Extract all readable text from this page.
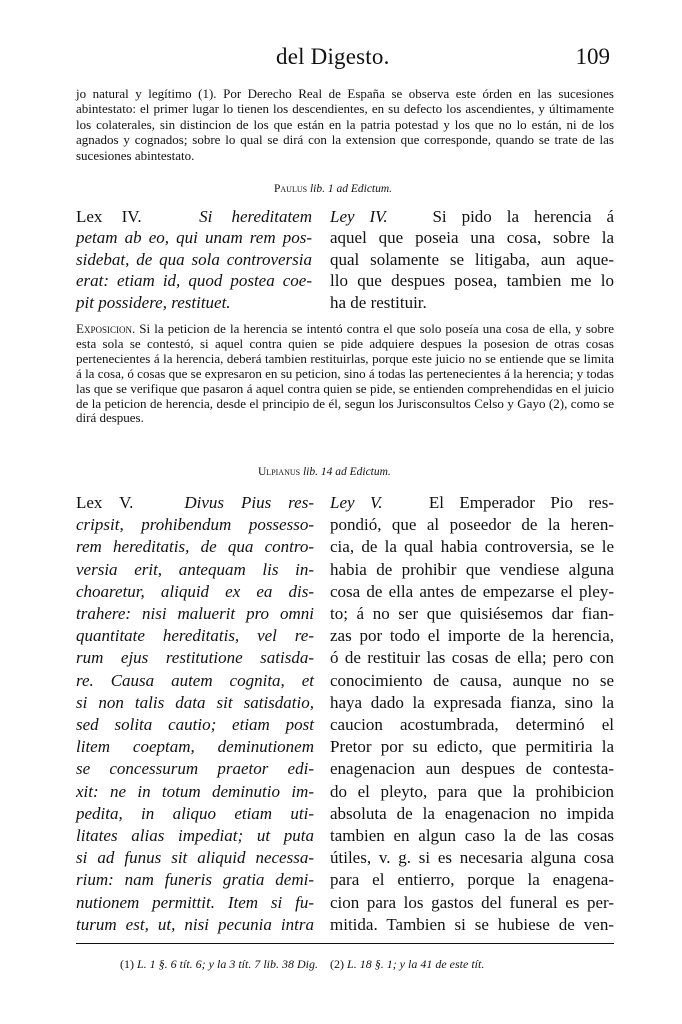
del Digesto.	109
jo natural y legítimo (1). Por Derecho Real de España se observa este órden en las sucesiones abintestato: el primer lugar lo tienen los descendientes, en su defecto los ascendientes, y últimamente los colaterales, sin distincion de los que están en la patria potestad y los que no lo están, ni de los agnados y cognados; sobre lo qual se dirá con la extension que corresponde, quando se trate de las sucesiones abintestato.
Paulus lib. 1 ad Edictum.
Lex IV.	Si hereditatem
petam ab eo, qui unam rem pos-
sidebat, de qua sola controversia
erat: etiam id, quod postea coe-
pit possidere, restituet.
Ley IV.	Si pido la herencia á
aquel que poseia una cosa, sobre la
qual solamente se litigaba, aun aque-
llo que despues posea, tambien me lo
ha de restituir.
Exposicion. Si la peticion de la herencia se intentó contra el que solo poseía una cosa de ella, y sobre esta sola se contestó, si aquel contra quien se pide adquiere despues la posesion de otras cosas pertenecientes á la herencia, deberá tambien restituirlas, porque este juicio no se entiende que se limita á la cosa, ó cosas que se expresaron en su peticion, sino á todas las pertenecientes á la herencia; y todas las que se verifique que pasaron á aquel contra quien se pide, se entienden comprehendidas en el juicio de la peticion de herencia, desde el principio de él, segun los Jurisconsultos Celso y Gayo (2), como se dirá despues.
Ulpianus lib. 14 ad Edictum.
Lex V.	Divus Pius res-
cripsit, prohibendum possesso-
rem hereditatis, de qua contro-
versia erit, antequam lis in-
choaretur, aliquid ex ea dis-
trahere: nisi maluerit pro omni
quantitate hereditatis, vel re-
rum ejus restitutione satisda-
re. Causa autem cognita, et
si non talis data sit satisdatio,
sed solita cautio; etiam post
litem coeptam, deminutionem
se concessurum praetor edi-
xit: ne in totum deminutio im-
pedita, in aliquo etiam uti-
litates alias impediat; ut puta
si ad funus sit aliquid necessa-
rium: nam funeris gratia demi-
nutionem permittit. Item si fu-
turum est, ut, nisi pecunia intra
Ley V.	El Emperador Pio res-
pondió, que al poseedor de la heren-
cia, de la qual habia controversia, se le
habia de prohibir que vendiese alguna
cosa de ella antes de empezarse el pley-
to; á no ser que quisiésemos dar fian-
zas por todo el importe de la herencia,
ó de restituir las cosas de ella; pero con
conocimiento de causa, aunque no se
haya dado la expresada fianza, sino la
caucion acostumbrada, determinó el
Pretor por su edicto, que permitiria la
enagenacion aun despues de contesta-
do el pleyto, para que la prohibicion
absoluta de la enagenacion no impida
tambien en algun caso la de las cosas
útiles, v. g. si es necesaria alguna cosa
para el entierro, porque la enagena-
cion para los gastos del funeral es per-
mitida. Tambien si se hubiese de ven-
(1) L. 1 §. 6 tít. 6; y la 3 tít. 7 lib. 38 Dig. (2) L. 18 §. 1; y la 41 de este tít.
